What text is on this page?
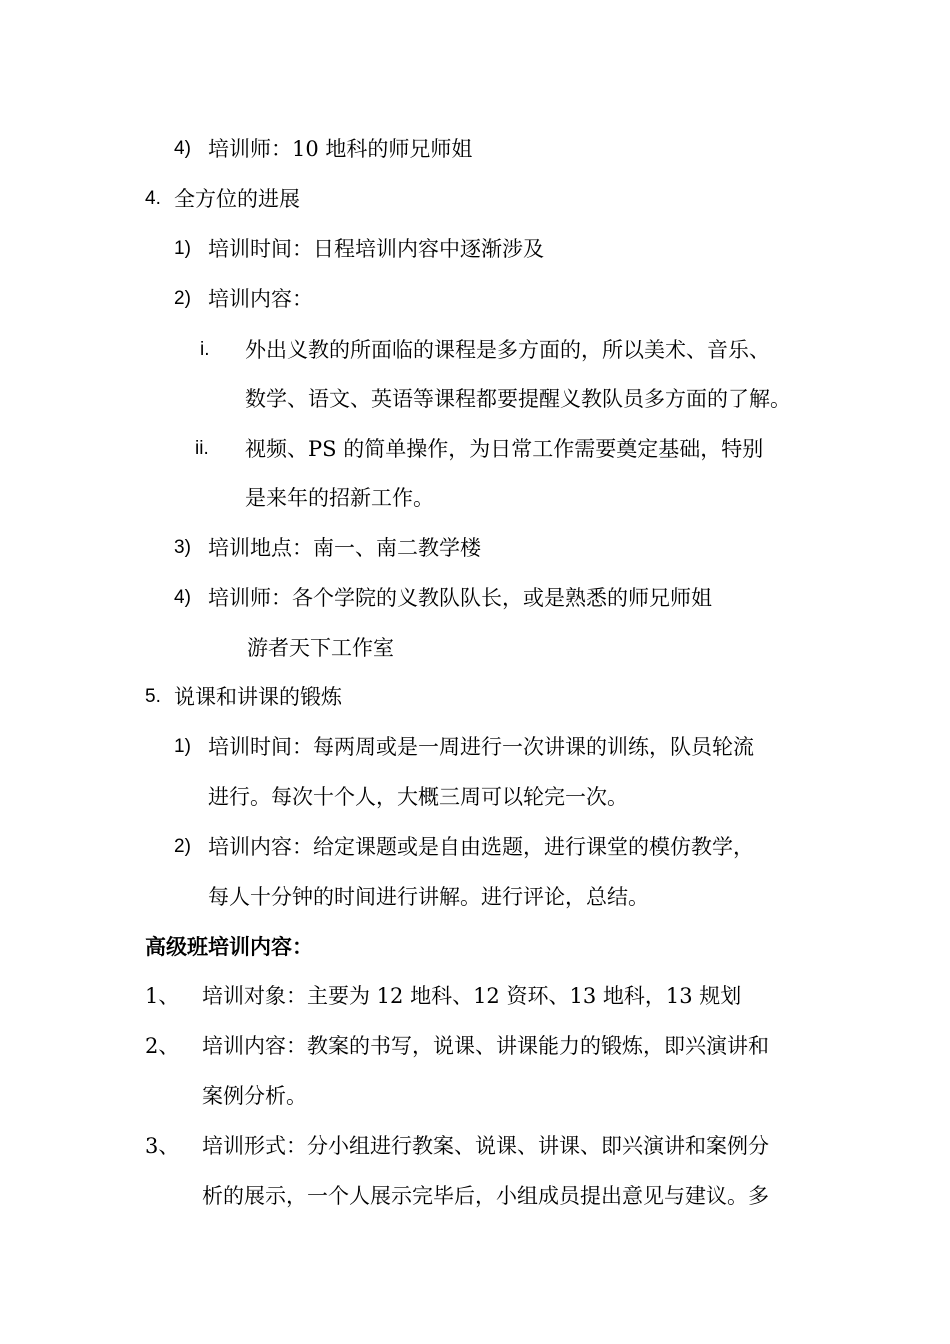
4) 培训师：10 地科的师兄师姐
4. 全方位的进展
1) 培训时间：日程培训内容中逐渐涉及
2) 培训内容：
i. 外出义教的所面临的课程是多方面的，所以美术、音乐、
数学、语文、英语等课程都要提醒义教队员多方面的了解。
ii. 视频、PS 的简单操作，为日常工作需要奠定基础，特别
是来年的招新工作。
3) 培训地点：南一、南二教学楼
4) 培训师：各个学院的义教队队长，或是熟悉的师兄师姐
游者天下工作室
5. 说课和讲课的锻炼
1) 培训时间：每两周或是一周进行一次讲课的训练，队员轮流
进行。每次十个人，大概三周可以轮完一次。
2) 培训内容：给定课题或是自由选题，进行课堂的模仿教学，
每人十分钟的时间进行讲解。进行评论，总结。
高级班培训内容：
1、 培训对象：主要为 12 地科、12 资环、13 地科，13 规划
2、 培训内容：教案的书写，说课、讲课能力的锻炼，即兴演讲和
案例分析。
3、 培训形式：分小组进行教案、说课、讲课、即兴演讲和案例分
析的展示，一个人展示完毕后，小组成员提出意见与建议。多
